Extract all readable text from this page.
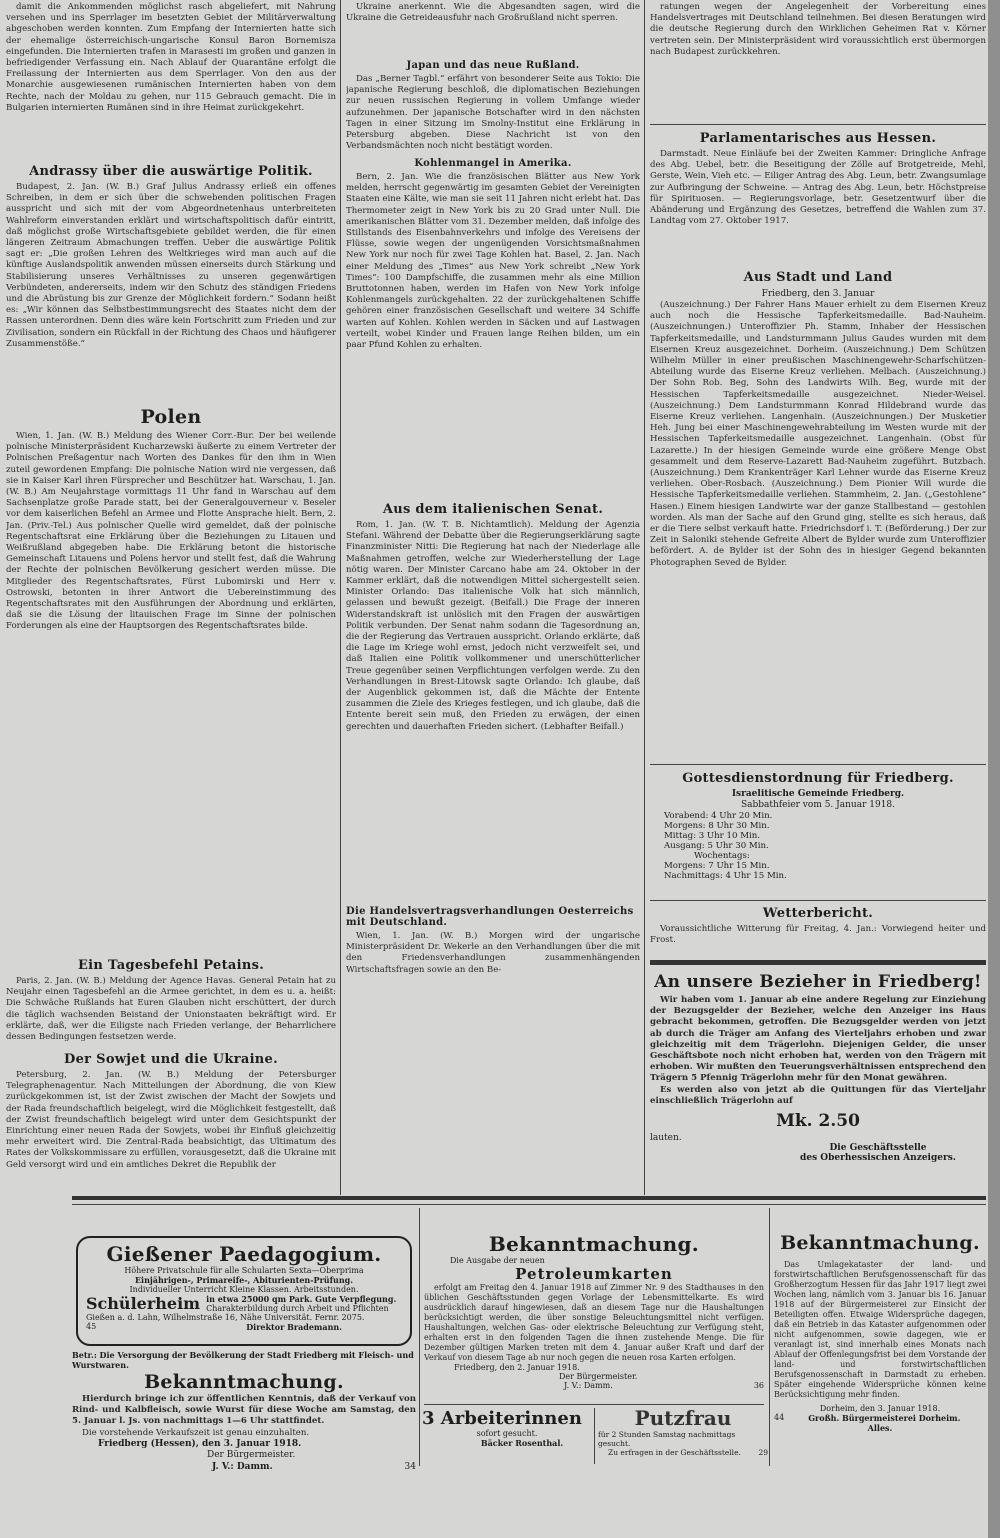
damit die Ankommenden möglichst rasch abgeliefert, mit Nahrung versehen und ins Sperrlager im besetzten Gebiet der Militärverwaltung abgeschoben werden konnten. Zum Empfang der Internierten hatte sich der ehemalige österreichisch-ungarische Konsul Baron Bornemisza eingefunden. Die Internierten trafen in Marasesti im großen und ganzen in befriedigender Verfassung ein. Nach Ablauf der Quarantäne erfolgt die Freilassung der Internierten aus dem Sperrlager. Von den aus der Monarchie ausgewiesenen rumänischen Internierten haben von dem Rechte, nach der Moldau zu gehen, nur 115 Gebrauch gemacht. Die in Bulgarien internierten Rumänen sind in ihre Heimat zurückgekehrt.

Andrassy über die auswärtige Politik.

Budapest, 2. Jan. (W. B.) Graf Julius Andrassy erließ ein offenes Schreiben, in dem er sich über die schwebenden politischen Fragen ausspricht und sich mit der vom Abgeordnetenhaus unterbreiteten Wahlreform einverstanden erklärt und wirtschaftspolitisch dafür eintritt, daß möglichst große Wirtschaftsgebiete gebildet werden, die für einen längeren Zeitraum Abmachungen treffen. Ueber die auswärtige Politik sagt er: „Die großen Lehren des Weltkrieges wird man auch auf die künftige Auslandspolitik anwenden müssen einerseits durch Stärkung und Stabilisierung unseres Verhältnisses zu unseren gegenwärtigen Verbündeten, andererseits, indem wir den Schutz des ständigen Friedens und die Abrüstung bis zur Grenze der Möglichkeit fordern.“ Sodann heißt es: „Wir können das Selbstbestimmungsrecht des Staates nicht dem der Rassen unterordnen. Denn dies wäre kein Fortschritt zum Frieden und zur Zivilisation, sondern ein Rückfall in der Richtung des Chaos und häufigerer Zusammenstöße.“

Polen

Wien, 1. Jan. (W. B.) Meldung des Wiener Corr.-Bur. Der bei weilende polnische Ministerpräsident Kucharzewski äußerte zu einem Vertreter der Polnischen Preßagentur nach Worten des Dankes für den ihm in Wien zuteil gewordenen Empfang: Die polnische Nation wird nie vergessen, daß sie in Kaiser Karl ihren Fürsprecher und Beschützer hat. Warschau, 1. Jan. (W. B.) Am Neujahrstage vormittags 11 Uhr fand in Warschau auf dem Sachsenplatze große Parade statt, bei der Generalgouverneur v. Beseler vor dem kaiserlichen Befehl an Armee und Flotte Ansprache hielt. Bern, 2. Jan. (Priv.-Tel.) Aus polnischer Quelle wird gemeldet, daß der polnische Regentschaftsrat eine Erklärung über die Beziehungen zu Litauen und Weißrußland abgegeben habe. Die Erklärung betont die historische Gemeinschaft Litauens und Polens hervor und stellt fest, daß die Wahrung der Rechte der polnischen Bevölkerung gesichert werden müsse. Die Mitglieder des Regentschaftsrates, Fürst Lubomirski und Herr v. Ostrowski, betonten in ihrer Antwort die Uebereinstimmung des Regentschaftsrates mit den Ausführungen der Abordnung und erklärten, daß sie die Lösung der litauischen Frage im Sinne der polnischen Forderungen als eine der Hauptsorgen des Regentschaftsrates bilde.

Ein Tagesbefehl Petains.

Paris, 2. Jan. (W. B.) Meldung der Agence Havas. General Petain hat zu Neujahr einen Tagesbefehl an die Armee gerichtet, in dem es u. a. heißt: Die Schwäche Rußlands hat Euren Glauben nicht erschüttert, der durch die täglich wachsenden Beistand der Unionstaaten bekräftigt wird. Er erklärte, daß, wer die Eiligste nach Frieden verlange, der Beharrlichere dessen Bedingungen festsetzen werde.

Der Sowjet und die Ukraine.

Petersburg, 2. Jan. (W. B.) Meldung der Petersburger Telegraphenagentur. Nach Mitteilungen der Abordnung, die von Kiew zurückgekommen ist, ist der Zwist zwischen der Macht der Sowjets und der Rada freundschaftlich beigelegt, wird die Möglichkeit festgestellt, daß der Zwist freundschaftlich beigelegt wird unter dem Gesichtspunkt der Einrichtung einer neuen Rada der Sowjets, wobei ihr Einfluß gleichzeitig mehr erweitert wird. Die Zentral-Rada beabsichtigt, das Ultimatum des Rates der Volkskommissare zu erfüllen, vorausgesetzt, daß die Ukraine mit Geld versorgt wird und ein amtliches Dekret die Republik der

Ukraine anerkennt. Wie die Abgesandten sagen, wird die Ukraine die Getreideausfuhr nach Großrußland nicht sperren.

Japan und das neue Rußland.

Das „Berner Tagbl.“ erfährt von besonderer Seite aus Tokio: Die japanische Regierung beschloß, die diplomatischen Beziehungen zur neuen russischen Regierung in vollem Umfange wieder aufzunehmen. Der japanische Botschafter wird in den nächsten Tagen in einer Sitzung im Smolny-Institut eine Erklärung in Petersburg abgeben. Diese Nachricht ist von den Verbandsmächten noch nicht bestätigt worden.

Kohlenmangel in Amerika.

Bern, 2. Jan. Wie die französischen Blätter aus New York melden, herrscht gegenwärtig im gesamten Gebiet der Vereinigten Staaten eine Kälte, wie man sie seit 11 Jahren nicht erlebt hat. Das Thermometer zeigt in New York bis zu 20 Grad unter Null. Die amerikanischen Blätter vom 31. Dezember melden, daß infolge des Stillstands des Eisenbahnverkehrs und infolge des Vereisens der Flüsse, sowie wegen der ungenügenden Vorsichtsmaßnahmen New York nur noch für zwei Tage Kohlen hat. Basel, 2. Jan. Nach einer Meldung des „Times“ aus New York schreibt „New York Times“: 100 Dampfschiffe, die zusammen mehr als eine Million Bruttotonnen haben, werden im Hafen von New York infolge Kohlenmangels zurückgehalten. 22 der zurückgehaltenen Schiffe gehören einer französischen Gesellschaft und weitere 34 Schiffe warten auf Kohlen. Kohlen werden in Säcken und auf Lastwagen verteilt, wobei Kinder und Frauen lange Reihen bilden, um ein paar Pfund Kohlen zu erhalten.

Aus dem italienischen Senat.

Rom, 1. Jan. (W. T. B. Nichtamtlich). Meldung der Agenzia Stefani. Während der Debatte über die Regierungserklärung sagte Finanzminister Nitti: Die Regierung hat nach der Niederlage alle Maßnahmen getroffen, welche zur Wiederherstellung der Lage nötig waren. Der Minister Carcano habe am 24. Oktober in der Kammer erklärt, daß die notwendigen Mittel sichergestellt seien. Minister Orlando: Das italienische Volk hat sich männlich, gelassen und bewußt gezeigt. (Beifall.) Die Frage der inneren Widerstandskraft ist unlöslich mit den Fragen der auswärtigen Politik verbunden. Der Senat nahm sodann die Tagesordnung an, die der Regierung das Vertrauen ausspricht. Orlando erklärte, daß die Lage im Kriege wohl ernst, jedoch nicht verzweifelt sei, und daß Italien eine Politik vollkommener und unerschütterlicher Treue gegenüber seinen Verpflichtungen verfolgen werde. Zu den Verhandlungen in Brest-Litowsk sagte Orlando: Ich glaube, daß der Augenblick gekommen ist, daß die Mächte der Entente zusammen die Ziele des Krieges festlegen, und ich glaube, daß die Entente bereit sein muß, den Frieden zu erwägen, der einen gerechten und dauerhaften Frieden sichert. (Lebhafter Beifall.)

Die Handelsvertragsverhandlungen Oesterreichs mit Deutschland.

Wien, 1. Jan. (W. B.) Morgen wird der ungarische Ministerpräsident Dr. Wekerle an den Verhandlungen über die mit den Friedensverhandlungen zusammenhängenden Wirtschaftsfragen sowie an den Be-

ratungen wegen der Angelegenheit der Vorbereitung eines Handelsvertrages mit Deutschland teilnehmen. Bei diesen Beratungen wird die deutsche Regierung durch den Wirklichen Geheimen Rat v. Körner vertreten sein. Der Ministerpräsident wird voraussichtlich erst übermorgen nach Budapest zurückkehren.

Parlamentarisches aus Hessen.

Darmstadt. Neue Einläufe bei der Zweiten Kammer: Dringliche Anfrage des Abg. Uebel, betr. die Beseitigung der Zölle auf Brotgetreide, Mehl, Gerste, Wein, Vieh etc. — Eiliger Antrag des Abg. Leun, betr. Zwangsumlage zur Aufbringung der Schweine. — Antrag des Abg. Leun, betr. Höchstpreise für Spirituosen. — Regierungsvorlage, betr. Gesetzentwurf über die Abänderung und Ergänzung des Gesetzes, betreffend die Wahlen zum 37. Landtag vom 27. Oktober 1917.

Aus Stadt und Land
Friedberg, den 3. Januar

(Auszeichnung.) Der Fahrer Hans Mauer erhielt zu dem Eisernen Kreuz auch noch die Hessische Tapferkeitsmedaille. Bad-Nauheim. (Auszeichnungen.) Unteroffizier Ph. Stamm, Inhaber der Hessischen Tapferkeitsmedaille, und Landsturmmann Julius Gaudes wurden mit dem Eisernen Kreuz ausgezeichnet. Dorheim. (Auszeichnung.) Dem Schützen Wilhelm Müller in einer preußischen Maschinengewehr-Scharfschützen-Abteilung wurde das Eiserne Kreuz verliehen. Melbach. (Auszeichnung.) Der Sohn Rob. Beg, Sohn des Landwirts Wilh. Beg, wurde mit der Hessischen Tapferkeitsmedaille ausgezeichnet. Nieder-Weisel. (Auszeichnung.) Dem Landsturmmann Konrad Hildebrand wurde das Eiserne Kreuz verliehen. Langenhain. (Auszeichnungen.) Der Musketier Heh. Jung bei einer Maschinengewehrabteilung im Westen wurde mit der Hessischen Tapferkeitsmedaille ausgezeichnet. Langenhain. (Obst für Lazarette.) In der hiesigen Gemeinde wurde eine größere Menge Obst gesammelt und dem Reserve-Lazarett Bad-Nauheim zugeführt. Butzbach. (Auszeichnung.) Dem Krankenträger Karl Lehner wurde das Eiserne Kreuz verliehen. Ober-Rosbach. (Auszeichnung.) Dem Pionier Will wurde die Hessische Tapferkeitsmedaille verliehen. Stammheim, 2. Jan. („Gestohlene“ Hasen.) Einem hiesigen Landwirte war der ganze Stallbestand — gestohlen worden. Als man der Sache auf den Grund ging, stellte es sich heraus, daß er die Tiere selbst verkauft hatte. Friedrichsdorf i. T. (Beförderung.) Der zur Zeit in Saloniki stehende Gefreite Albert de Bylder wurde zum Unteroffizier befördert. A. de Bylder ist der Sohn des in hiesiger Gegend bekannten Photographen Seved de Bylder.

Gottesdienstordnung für Friedberg.
Israelitische Gemeinde Friedberg.
Sabbathfeier vom 5. Januar 1918.
Vorabend: 4 Uhr 20 Min.
Morgens: 8 Uhr 30 Min.
Mittag: 3 Uhr 10 Min.
Ausgang: 5 Uhr 30 Min.
Wochentags:
Morgens: 7 Uhr 15 Min.
Nachmittags: 4 Uhr 15 Min.
Wetterbericht.

Voraussichtliche Witterung für Freitag, 4. Jan.: Vorwiegend heiter und Frost.

An unsere Bezieher in Friedberg!

Wir haben vom 1. Januar ab eine andere Regelung zur Einziehung der Bezugsgelder der Bezieher, welche den Anzeiger ins Haus gebracht bekommen, getroffen. Die Bezugsgelder werden von jetzt ab durch die Träger am Anfang des Vierteljahrs erhoben und zwar gleichzeitig mit dem Trägerlohn. Diejenigen Gelder, die unser Geschäftsbote noch nicht erhoben hat, werden von den Trägern mit erhoben. Wir mußten den Teuerungsverhältnissen entsprechend den Trägern 5 Pfennig Trägerlohn mehr für den Monat gewähren.

Es werden also von jetzt ab die Quittungen für das Vierteljahr einschließlich Trägerlohn auf

Mk. 2.50
lauten.
Die Geschäftsstelle
des Oberhessischen Anzeigers.
Gießener Paedagogium.
Höhere Privatschule für alle Schularten Sexta—Oberprima
Einjährigen-, Primareife-, Abiturienten-Prüfung.
Individueller Unterricht Kleine Klassen. Arbeitsstunden.
Schülerheim in etwa 25000 qm Park. Gute Verpflegung.
Charakterbildung durch Arbeit und Pflichten
Gießen a. d. Lahn, Wilhelmstraße 16, Nähe Universität. Fernr. 2075.
45	Direktor Brademann.
Betr.: Die Versorgung der Bevölkerung der Stadt Friedberg mit Fleisch- und Wurstwaren.
Bekanntmachung.

Hierdurch bringe ich zur öffentlichen Kenntnis, daß der Verkauf von Rind- und Kalbfleisch, sowie Wurst für diese Woche am Samstag, den 5. Januar l. Js. von nachmittags 1—6 Uhr stattfindet.

Die vorstehende Verkaufszeit ist genau einzuhalten.

Friedberg (Hessen), den 3. Januar 1918.
Der Bürgermeister.
J. V.: Damm.	34
Bekanntmachung.
Die Ausgabe der neuen
Petroleumkarten

erfolgt am Freitag den 4. Januar 1918 auf Zimmer Nr. 9 des Stadthauses in den üblichen Geschäftsstunden gegen Vorlage der Lebensmittelkarte. Es wird ausdrücklich darauf hingewiesen, daß an diesem Tage nur die Haushaltungen berücksichtigt werden, die über sonstige Beleuchtungsmittel nicht verfügen. Haushaltungen, welchen Gas- oder elektrische Beleuchtung zur Verfügung steht, erhalten erst in den folgenden Tagen die ihnen zustehende Menge. Die für Dezember gültigen Marken treten mit dem 4. Januar außer Kraft und darf der Verkauf von diesem Tage ab nur noch gegen die neuen rosa Karten erfolgen.

Friedberg, den 2. Januar 1918.
Der Bürgermeister.
J. V.: Damm.	36
3 Arbeiterinnen
sofort gesucht.
Bäcker Rosenthal.
Putzfrau
für 2 Stunden Samstag nachmittags gesucht.
Zu erfragen in der Geschäftsstelle. 29
Bekanntmachung.

Das Umlagekataster der land- und forstwirtschaftlichen Berufsgenossenschaft für das Großherzogtum Hessen für das Jahr 1917 liegt zwei Wochen lang, nämlich vom 3. Januar bis 16. Januar 1918 auf der Bürgermeisterei zur Einsicht der Beteiligten offen. Etwaige Widersprüche dagegen, daß ein Betrieb in das Kataster aufgenommen oder nicht aufgenommen, sowie dagegen, wie er veranlagt ist, sind innerhalb eines Monats nach Ablauf der Offenlegungsfrist bei dem Vorstande der land- und forstwirtschaftlichen Berufsgenossenschaft in Darmstadt zu erheben. Später eingehende Widersprüche können keine Berücksichtigung mehr finden.

Dorheim, den 3. Januar 1918.
44	Großh. Bürgermeisterei Dorheim.
Alles.
